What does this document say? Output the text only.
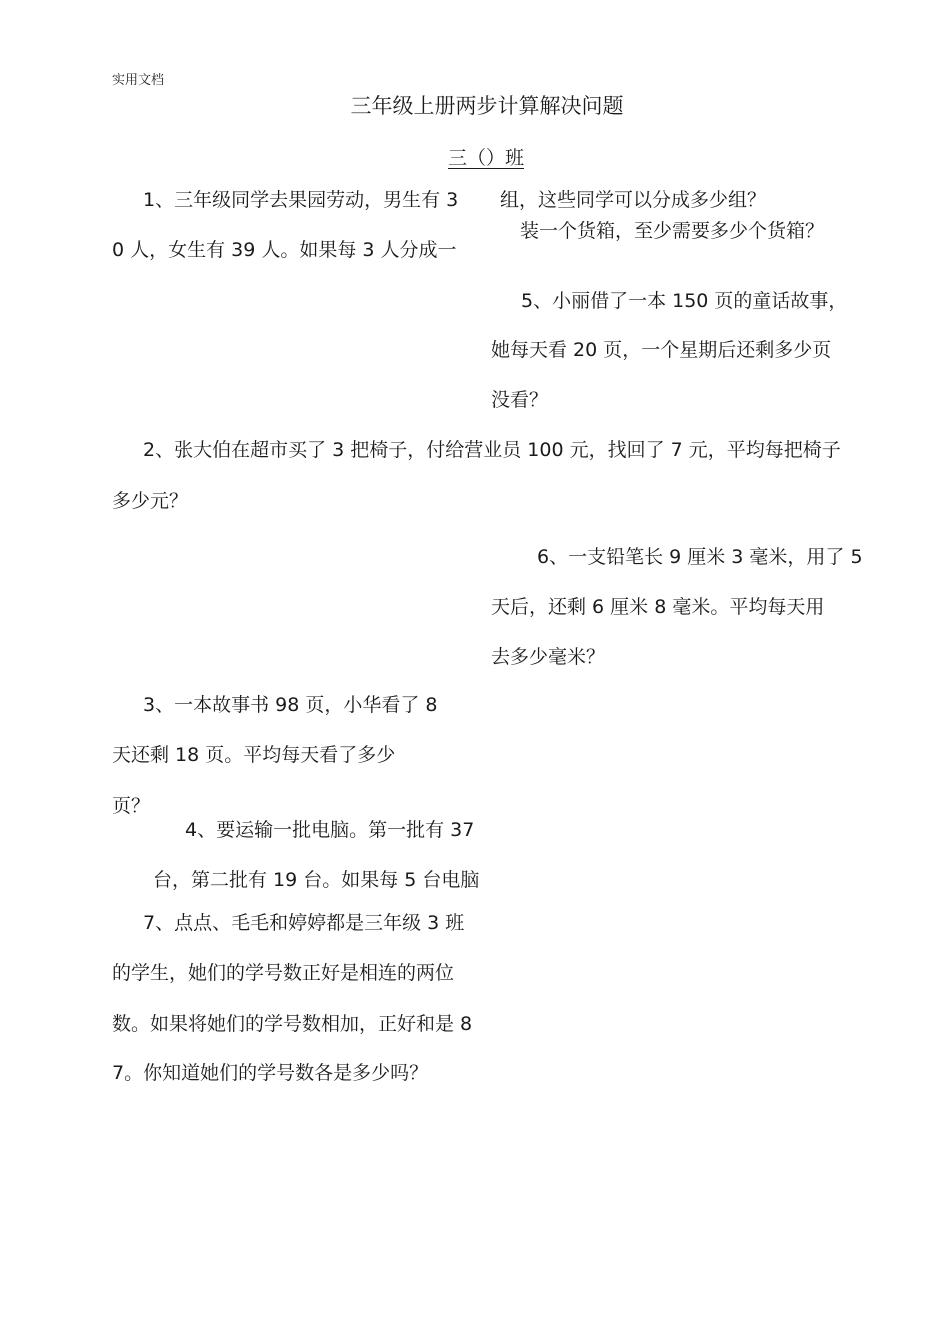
实用文档
三年级上册两步计算解决问题
三（）班
1、三年级同学去果园劳动，男生有 3
0 人，女生有 39 人。如果每 3 人分成一
组，这些同学可以分成多少组？
装一个货箱，至少需要多少个货箱？
5、小丽借了一本 150 页的童话故事，
她每天看 20 页，一个星期后还剩多少页
没看？
2、张大伯在超市买了 3 把椅子，付给营业员 100 元，找回了 7 元，平均每把椅子
多少元？
6、一支铅笔长 9 厘米 3 毫米，用了 5
天后，还剩 6 厘米 8 毫米。平均每天用
去多少毫米？
3、一本故事书 98 页，小华看了 8
天还剩 18 页。平均每天看了多少
页？
4、要运输一批电脑。第一批有 37
台，第二批有 19 台。如果每 5 台电脑
7、点点、毛毛和婷婷都是三年级 3 班
的学生，她们的学号数正好是相连的两位
数。如果将她们的学号数相加，正好和是 8
7。你知道她们的学号数各是多少吗？
